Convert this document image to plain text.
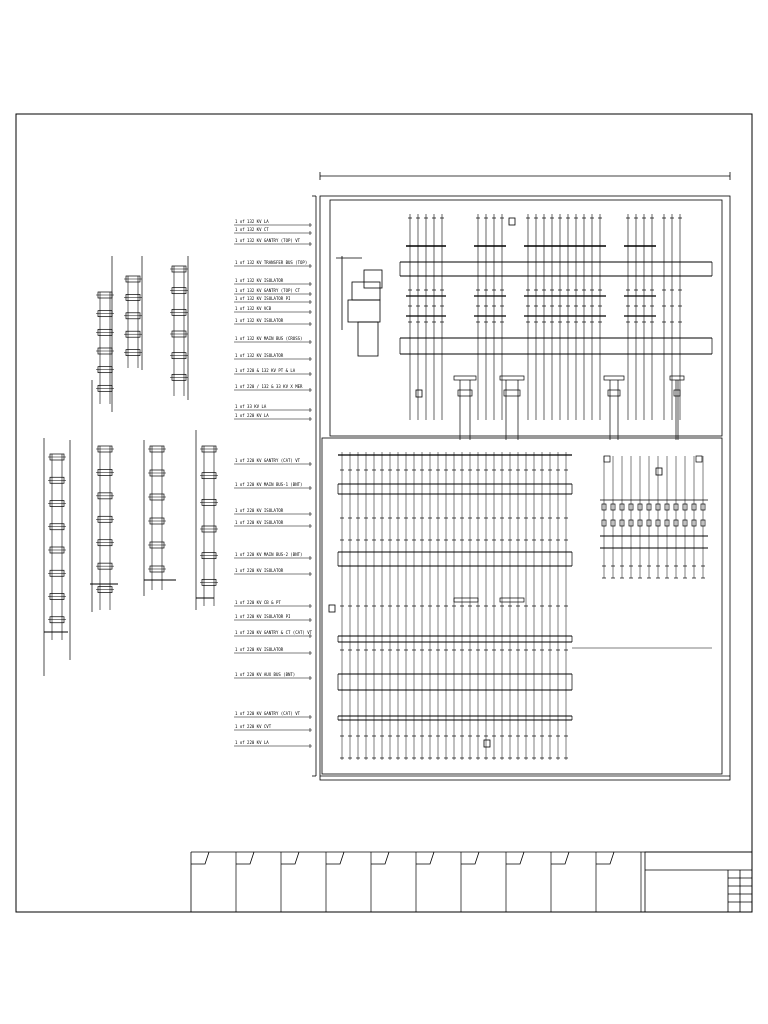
1 of 132 KV LA
1 of 132 KV CT
1 of 132 KV GANTRY (TOP) VT
1 of 132 KV TRANSFER BUS (TOP)
1 of 132 KV ISOLATOR
1 of 132 KV GANTRY (TOP) CT
1 of 132 KV ISOLATOR PI
1 of 132 KV VCB
1 of 132 KV ISOLATOR
1 of 132 KV MAIN BUS (CROSS)
1 of 132 KV ISOLATOR
1 of 220 & 132 KV PT & LA
1 of 220 / 132 & 33 KV X MER
1 of 33 KV LA
1 of 220 KV LA
1 of 220 KV GANTRY (CAT) VT
1 of 220 KV MAIN BUS-1 (BNT)
1 of 220 KV ISOLATOR
1 of 220 KV ISOLATOR
1 of 220 KV MAIN BUS-2 (BNT)
1 of 220 KV ISOLATOR
1 of 220 KV CB & PT
1 of 220 KV ISOLATOR PI
1 of 220 KV GANTRY & CT (CAT) VT
1 of 220 KV ISOLATOR
1 of 220 KV AUX BUS (BNT)
1 of 220 KV GANTRY (CAT) VT
1 of 220 KV CVT
1 of 220 KV LA
